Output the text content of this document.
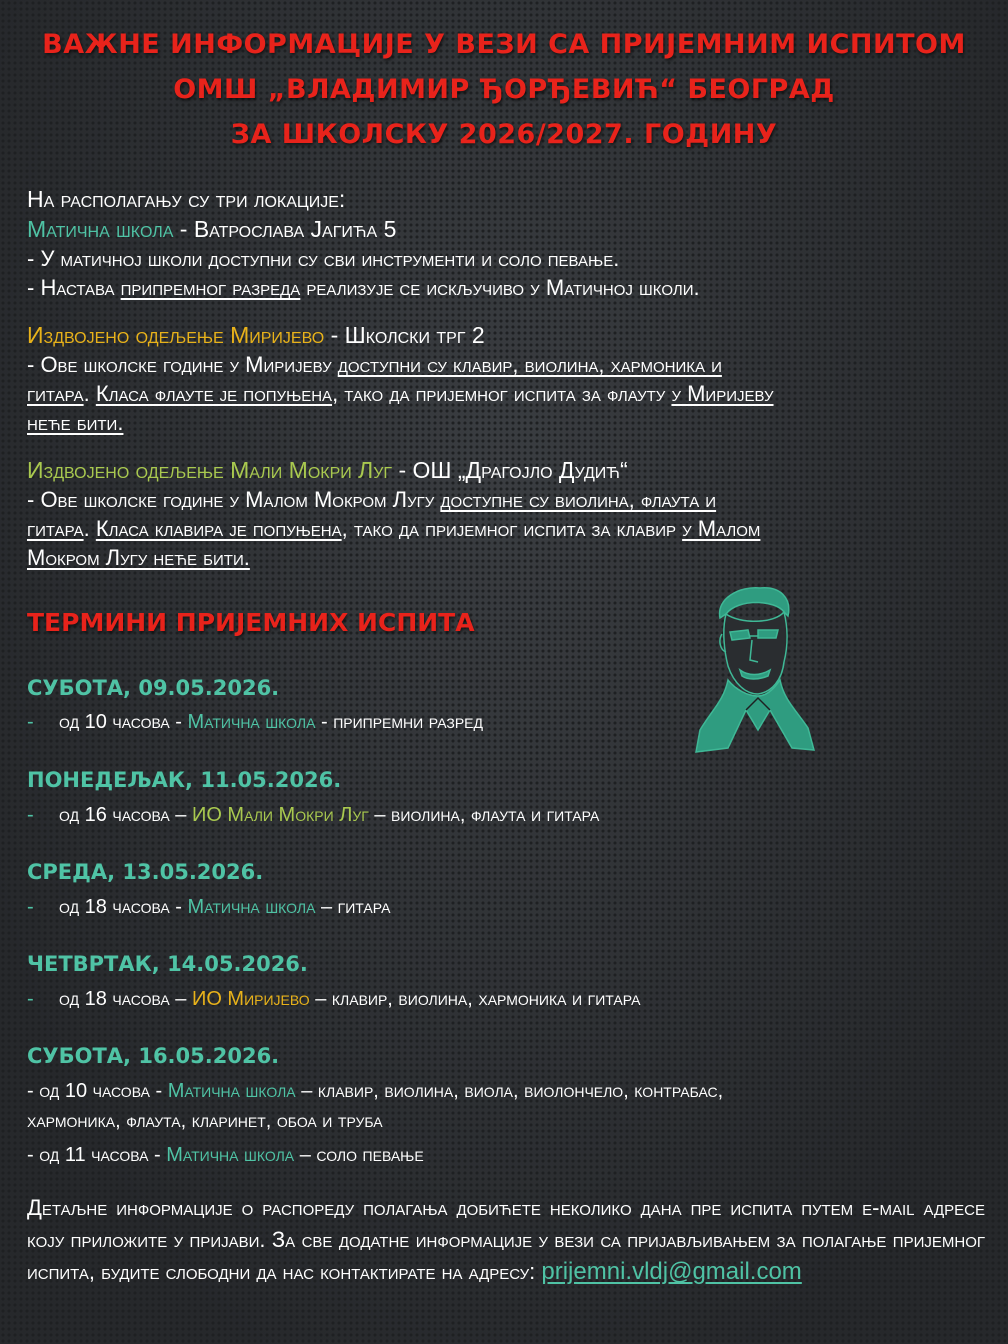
ВАЖНЕ ИНФОРМАЦИЈЕ У ВЕЗИ СА ПРИЈЕМНИМ ИСПИТОМ
ОМШ „ВЛАДИМИР ЂОРЂЕВИЋ“ БЕОГРАД
ЗА ШКОЛСКУ 2026/2027. ГОДИНУ
На располагању су три локације:
Матична школа - Ватрослава Јагића 5
- У матичној школи доступни су сви инструменти и соло певање.
- Настава припремног разреда реализује се искључиво у Матичној школи.
Издвојено одељење Миријево - Школски трг 2
- Ове школске године у Миријеву доступни су клавир, виолина, хармоника и
гитара. Класа флауте је попуњена, тако да пријемног испита за флауту у Миријеву
неће бити.
Издвојено одељење Мали Мокри Луг - ОШ „Драгојло Дудић“
- Ове школске године у Малом Мокром Лугу доступне су виолина, флаута и
гитара. Класа клавира је попуњена, тако да пријемног испита за клавир у Малом
Мокром Лугу неће бити.
ТЕРМИНИ ПРИЈЕМНИХ ИСПИТА
СУБОТА, 09.05.2026.
- од 10 часова - Матична школа - припремни разред
ПОНЕДЕЉАК, 11.05.2026.
- од 16 часова – ИО Мали Мокри Луг – виолина, флаута и гитара
СРЕДА, 13.05.2026.
- од 18 часова - Матична школа – гитара
ЧЕТВРТАК, 14.05.2026.
- од 18 часова – ИО Миријево – клавир, виолина, хармоника и гитара
СУБОТА, 16.05.2026.
- од 10 часова - Матична школа – клавир, виолина, виола, виолончело, контрабас,
хармоника, флаута, кларинет, обоа и труба
- од 11 часова - Матична школа – соло певање
Детаљне информације о распореду полагања добићете неколико дана пре испита путем e-mail адресе коју приложите у пријави. За све додатне информације у вези са пријављивањем за полагање пријемног испита, будите слободни да нас контактирате на адресу: prijemni.vldj@gmail.com
